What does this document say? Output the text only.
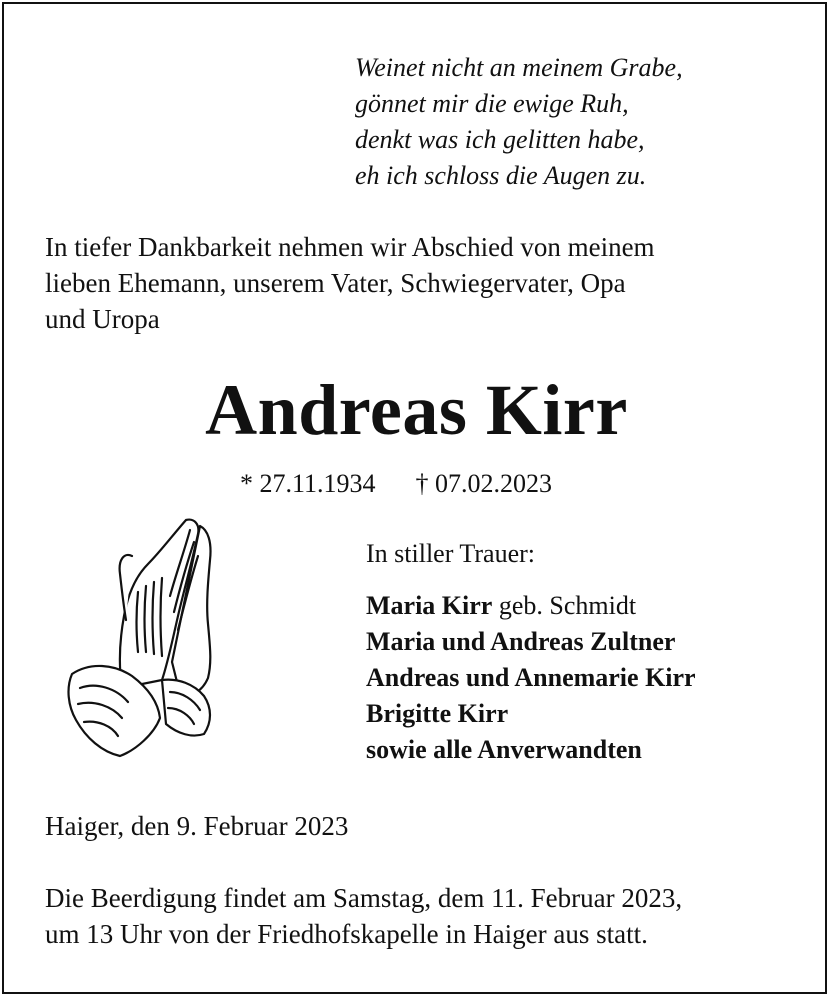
Weinet nicht an meinem Grabe,
gönnet mir die ewige Ruh,
denkt was ich gelitten habe,
eh ich schloss die Augen zu.
In tiefer Dankbarkeit nehmen wir Abschied von meinem
lieben Ehemann, unserem Vater, Schwiegervater, Opa
und Uropa
Andreas Kirr
* 27.11.1934 † 07.02.2023
In stiller Trauer:
Maria Kirr geb. Schmidt
Maria und Andreas Zultner
Andreas und Annemarie Kirr
Brigitte Kirr
sowie alle Anverwandten
Haiger, den 9. Februar 2023
Die Beerdigung findet am Samstag, dem 11. Februar 2023,
um 13 Uhr von der Friedhofskapelle in Haiger aus statt.
